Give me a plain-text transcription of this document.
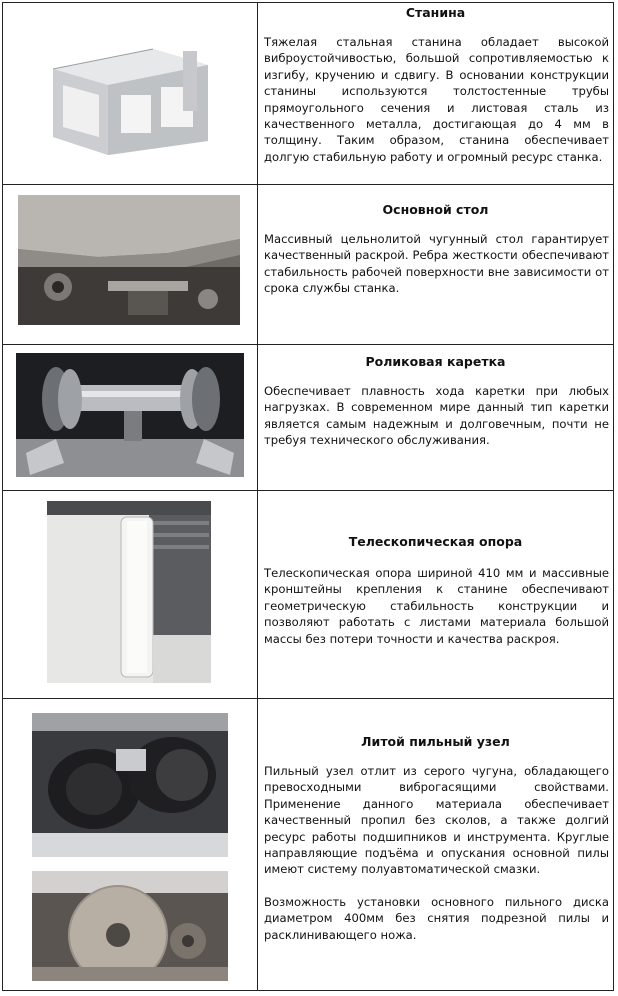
Станина

Тяжелая стальная станина обладает высокой виброустойчивостью, большой сопротивляемостью к изгибу, кручению и сдвигу. В основании конструкции станины используются толстостенные трубы прямоугольного сечения и листовая сталь из качественного металла, достигающая до 4 мм в толщину. Таким образом, станина обеспечивает долгую стабильную работу и огромный ресурс станка.

Основной стол

Массивный цельнолитой чугунный стол гарантирует качественный раскрой. Ребра жесткости обеспечивают стабильность рабочей поверхности вне зависимости от срока службы станка.

Роликовая каретка

Обеспечивает плавность хода каретки при любых нагрузках. В современном мире данный тип каретки является самым надежным и долговечным, почти не требуя технического обслуживания.

Телескопическая опора

Телескопическая опора шириной 410 мм и массивные кронштейны крепления к станине обеспечивают геометрическую стабильность конструкции и позволяют работать с листами материала большой массы без потери точности и качества раскроя.

Литой пильный узел

Пильный узел отлит из серого чугуна, обладающего превосходными виброгасящими свойствами. Применение данного материала обеспечивает качественный пропил без сколов, а также долгий ресурс работы подшипников и инструмента. Круглые направляющие подъёма и опускания основной пилы имеют систему полуавтоматической смазки.

Возможность установки основного пильного диска диаметром 400мм без снятия подрезной пилы и расклинивающего ножа.
